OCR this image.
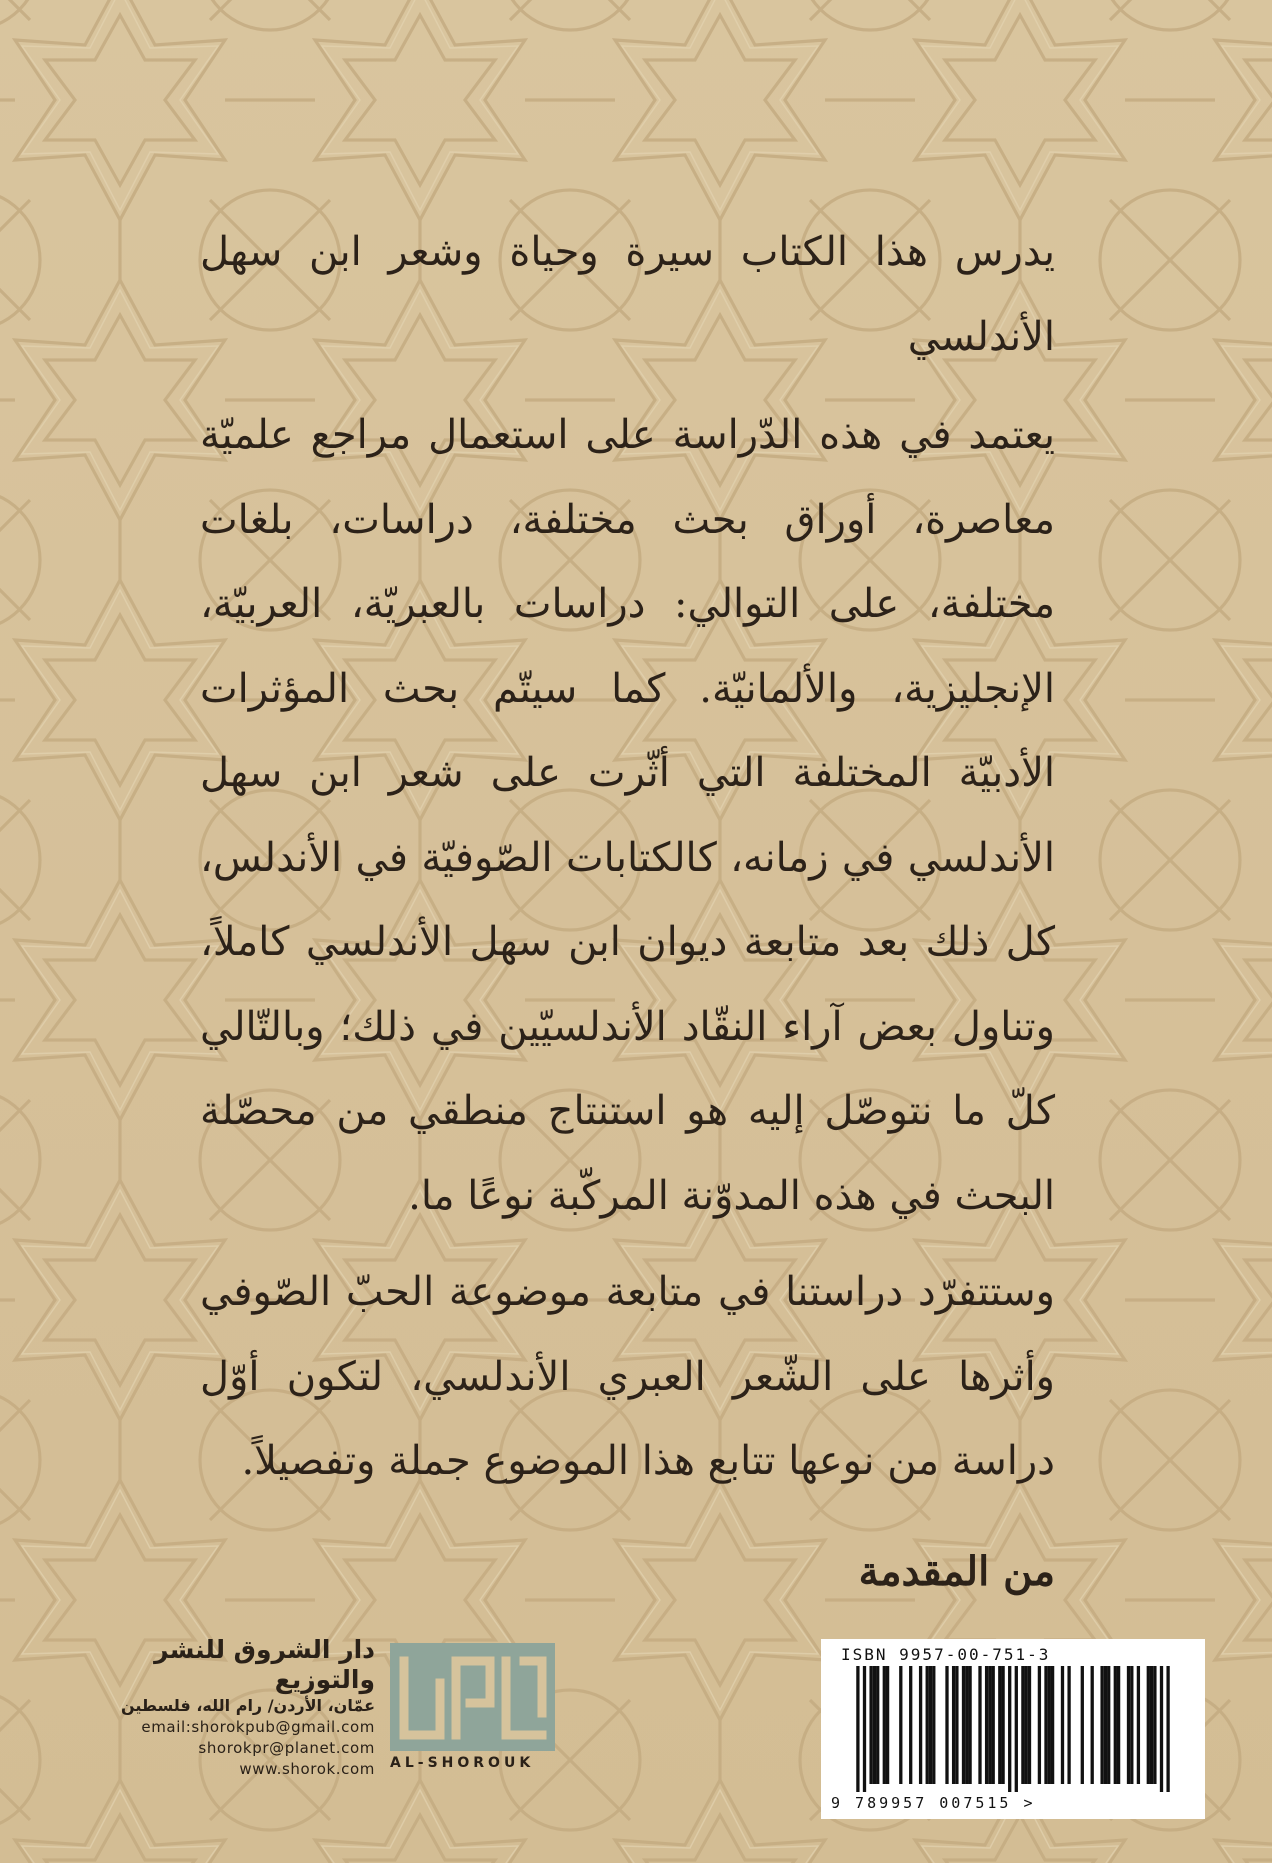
يدرس هذا الكتاب سيرة وحياة وشعر ابن سهل الأندلسي

يعتمد في هذه الدّراسة على استعمال مراجع علميّة معاصرة، أوراق بحث مختلفة، دراسات، بلغات مختلفة، على التوالي: دراسات بالعبريّة، العربيّة، الإنجليزية، والألمانيّة. كما سيتّم بحث المؤثرات الأدبيّة المختلفة التي أثّرت على شعر ابن سهل الأندلسي في زمانه، كالكتابات الصّوفيّة في الأندلس، كل ذلك بعد متابعة ديوان ابن سهل الأندلسي كاملاً، وتناول بعض آراء النقّاد الأندلسيّين في ذلك؛ وبالتّالي كلّ ما نتوصّل إليه هو استنتاج منطقي من محصّلة البحث في هذه المدوّنة المركّبة نوعًا ما.

وستتفرّد دراستنا في متابعة موضوعة الحبّ الصّوفي وأثرها على الشّعر العبري الأندلسي، لتكون أوّل دراسة من نوعها تتابع هذا الموضوع جملة وتفصيلاً.

من المقدمة

دار الشروق للنشر والتوزيع
عمّان، الأردن/ رام الله، فلسطين
email:shorokpub@gmail.com
shorokpr@planet.com
www.shorok.com AL-SHOROUK
ISBN 9957-00-751-3
9 789957 007515 >
